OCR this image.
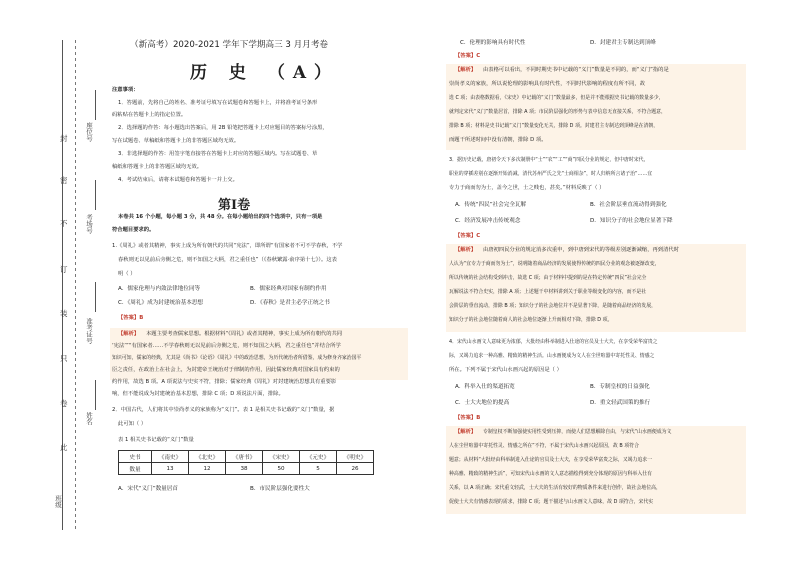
座位号
考场号
准考证号
姓名
班级
封
密
不
订
装
只
卷
此
（新高考）2020-2021 学年下学期高三 3 月月考卷
历 史 （A）
注意事项：
1．答题前，先将自己的姓名、准考证号填写在试题卷和答题卡上，并将准考证号条形
码粘贴在答题卡上的指定位置。
2．选择题的作答：每小题选出答案后，用 2B 铅笔把答题卡上对应题目的答案标号涂黑，
写在试题卷、草稿纸和答题卡上的非答题区域均无效。
3．非选择题的作答：用签字笔直接答在答题卡上对应的答题区域内。写在试题卷、草
稿纸和答题卡上的非答题区域均无效。
4．考试结束后，请将本试题卷和答题卡一并上交。
第Ⅰ卷
本卷共 16 个小题，每小题 3 分，共 48 分。在每小题给出的四个选项中，只有一项是
符合题目要求的。
1.《周礼》或者其精神，事实上成为所有朝代的共同“宪法”，即所谓“有国家者不可不学春秋，不学
春秋则无以见前后旁侧之危，则不知国之大柄，君之重任也”（《春秋繁露·俞序第十七》）。这表
明（ ）
A．儒家伦理与内敛法律地位同等	B．儒家经典对国家有制约作用
C．《周礼》成为封建统治基本思想	D．《春秋》是君主必学正统之书
【答案】B
【解析】 本题主要考查儒家思想。根据材料“《周礼》或者其精神，事实上成为所有朝代的共同
‘宪法’”“有国家者……不学春秋则无以见前后旁侧之危，则不知国之大柄，君之重任也”并结合所学
知识可知，儒家的经典，尤其是《尚书》《论语》《周礼》中的政治思想，为历代统治者所借鉴，成为修身齐家治国平
臣之责任，在政治上在社会上，为封建帝王统治对于律制的作用，因此儒家经典对国家具有约束的
约作用，故选 B 项。A 项说法与史实不符，排除；儒家经典《周礼》对封建统治思想具有重要影
响，但不能说成为封建统治基本思想，排除 C 项；D 项说法片面，排除。
2．中国古代，人们将其中崇尚孝义的家族称为“义门”。表 1 是相关史书记载的“义门”数量，据
此可知（ ）
表 1 相关史书记载的“义门”数量
史书	《南史》	《北史》	《唐书》	《宋史》	《元史》	《明史》
数量	13	12	38	50	5	26
A．宋代“义门”数量居首	B．市民阶层强化要性大
C．伦理的影响具有时代性	D．封建君主专制达到顶峰
【答案】C
【解析】 由表格可以看出，不同时期史书中记载的“义门”数量是不同的，而“义门”指的是
崇尚孝义的家族，所以说伦理的影响具有时代性，不同时代影响的程度有所不同，故
选 C 项；由表格数据看，《宋史》中记载的“义门”数量最多，但是并不能根据史书记载的数量多少，
就判定宋代“义门”数量居首，排除 A 项；市民阶层强化的形势与表中信息无直接关系，不符合题意，
排除 B 项；材料是史书记载“义门”数量变化无关，排除 D 项。封建君主专制达到顶峰是在清朝，
而题干所述时间中没有清朝，排除 D 项。
3．据历史记载，唐初令天下多次制册中“士”“农”“工”“商”四民分业的规定，但中唐时宋代，
职业的穿插差别在逐渐开始消减。清代苏州严氏之先“士商相杂”，时人归纳所言诸子治“……宜
专力于商而勿为士，盖今之世，士之贱也，甚矣。”材料反映了（ ）
A．传统“四民”社会完全瓦解	B．社会阶层垂直流动得到强化
C．经济发展冲击传统观念	D．知识分子的社会地位显著下降
【答案】C
【解析】 由唐初四民分业的规定消多次重申，到中唐到宋代的等级差别逐渐减缩，再到清代时
人认为“宜专力于商而勿为士”，说明随着商品经济的发展使得传统的四民分业的观念被逐渐改变，
所以传统的社会结构受到冲击，故选 C 项；由于材料中提到的是在特定传统“四民”社会完全
瓦解说法不符合史实，排除 A 项；上述题干中材料讲到关于职业等级变化的内容，而不是社
会阶层的垂直流动，排除 B 项；知识分子的社会地位并不是显著下降，是随着商品经济的发展，
知识分子的社会地位随着商人的社会地位逐渐上升而相对下降，排除 D 项。
4．宋代山水画文人意味更为浓郁，大批经由科举制进入仕途的官员及士大夫，在享受荣华富贵之
际，又竭力追求一种高雅、精致的精神生活。山水画便成为文人在尘世喧嚣中寄托性灵、情感之
所在。下列不属于宋代山水画兴起的原因是（ ）
A．科举入仕的渠道拓宽	B．专制皇权的日益强化
C．士大夫地位的提高	D．重文轻武国策的推行
【答案】B
【解析】 专制皇权不断加强使实用性受到压抑，而使人们思想解除自由，与宋代“山水画便成为文
人在尘世喧嚣中寄托性灵、情感之所在”不符，不属于宋代山水画兴起原因，故 B 项符合
题意；从材料“大批经由科举制进入仕途的官员及士大夫，在享受荣华富贵之际，又竭力追求一
种高雅、精致的精神生活”，可知宋代山水画的文人意态描绘得到充分体现的原因与科举入仕有
关系，以 A 项正确；宋代重文轻武，士大夫的生活有较好的物质条件来进行创作，故社会地位高，
促使士大夫有情感表现的需求，排除 C 项；题干描述与山水画文人意味，故 D 项符合，宋代实
